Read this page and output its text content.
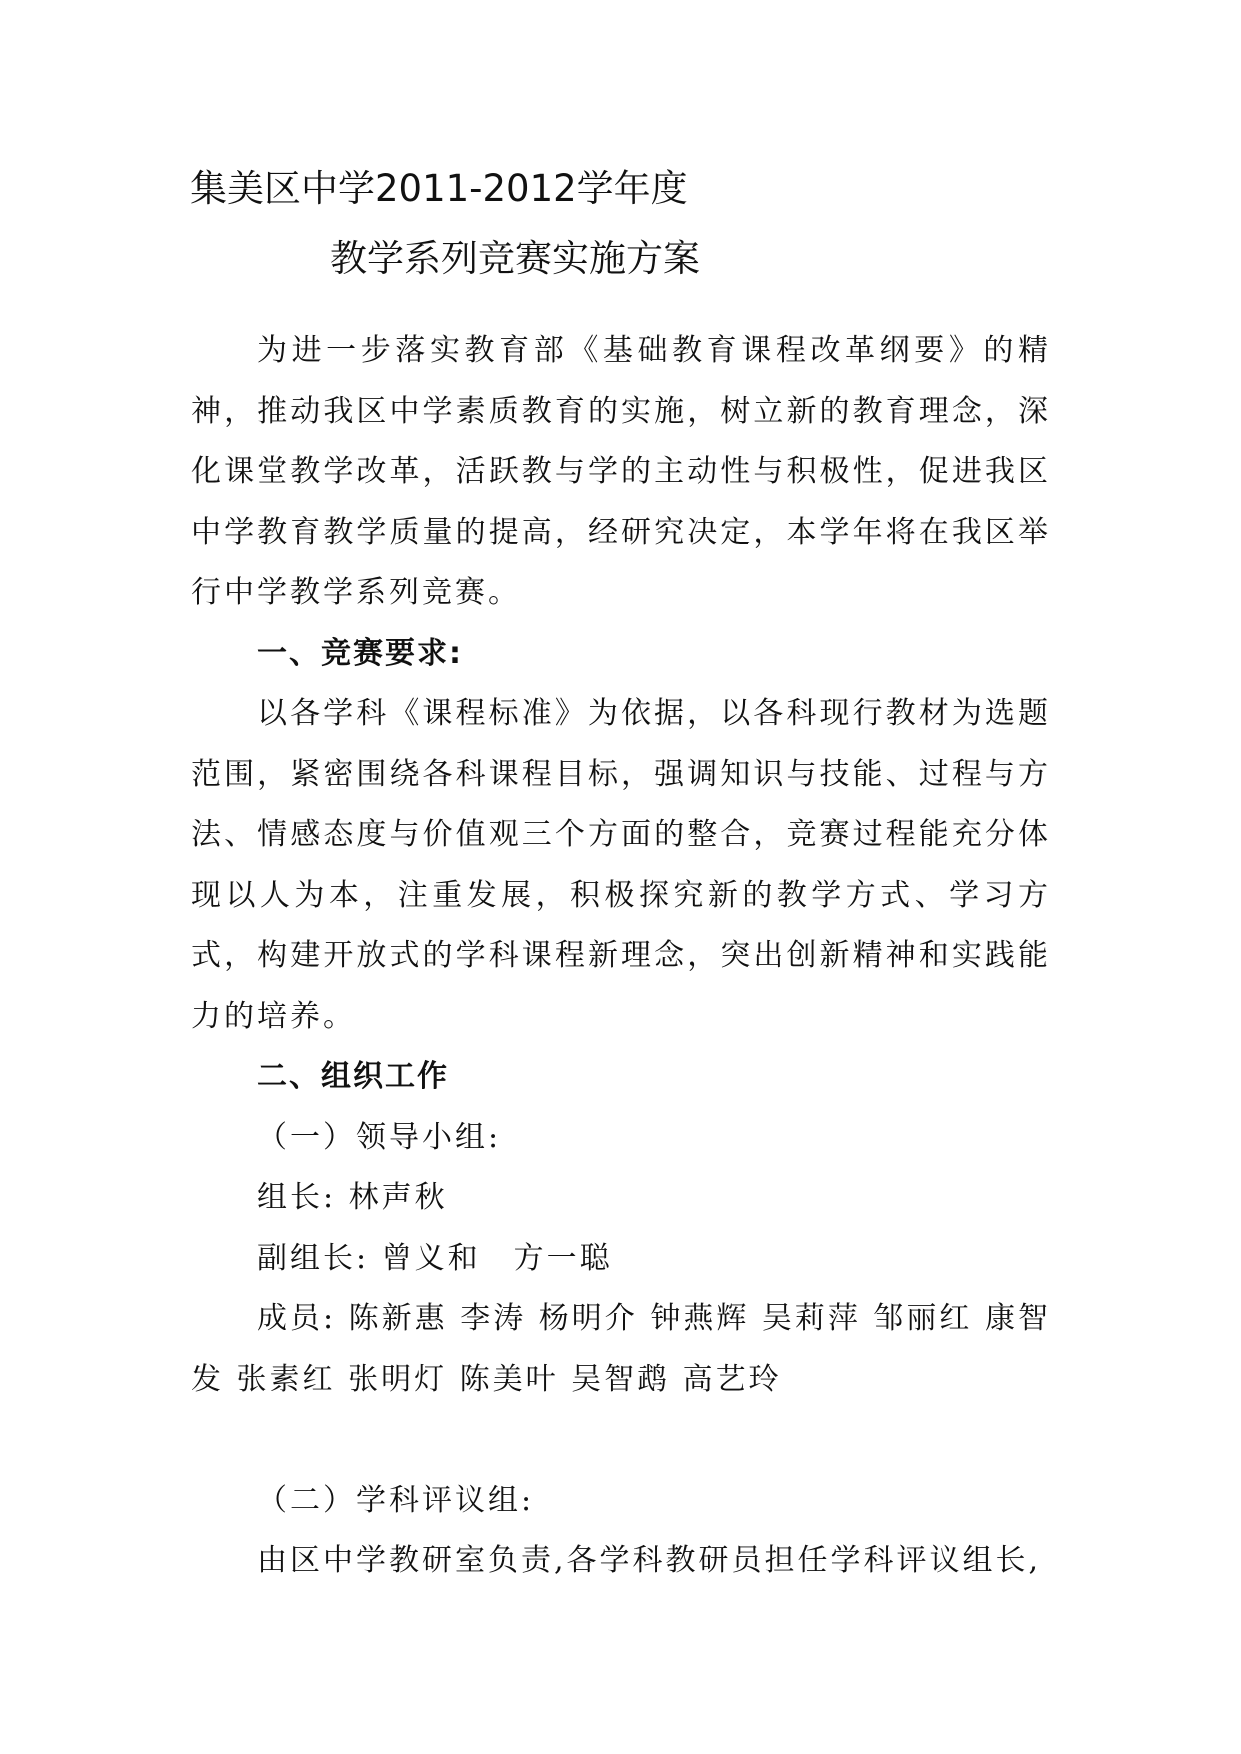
集美区中学2011-2012学年度
教学系列竞赛实施方案

为进一步落实教育部《基础教育课程改革纲要》的精神，推动我区中学素质教育的实施，树立新的教育理念，深化课堂教学改革，活跃教与学的主动性与积极性，促进我区中学教育教学质量的提高，经研究决定，本学年将在我区举行中学教学系列竞赛。

一、竞赛要求:

以各学科《课程标准》为依据，以各科现行教材为选题范围，紧密围绕各科课程目标，强调知识与技能、过程与方法、情感态度与价值观三个方面的整合，竞赛过程能充分体现以人为本，注重发展，积极探究新的教学方式、学习方式，构建开放式的学科课程新理念，突出创新精神和实践能力的培养。

二、组织工作

（一）领导小组:

组长: 林声秋

副组长: 曾义和　方一聪

成员: 陈新惠 李涛 杨明介 钟燕辉 吴莉萍 邹丽红 康智发 张素红 张明灯 陈美叶 吴智鹉 高艺玲

（二）学科评议组:

由区中学教研室负责,各学科教研员担任学科评议组长,
